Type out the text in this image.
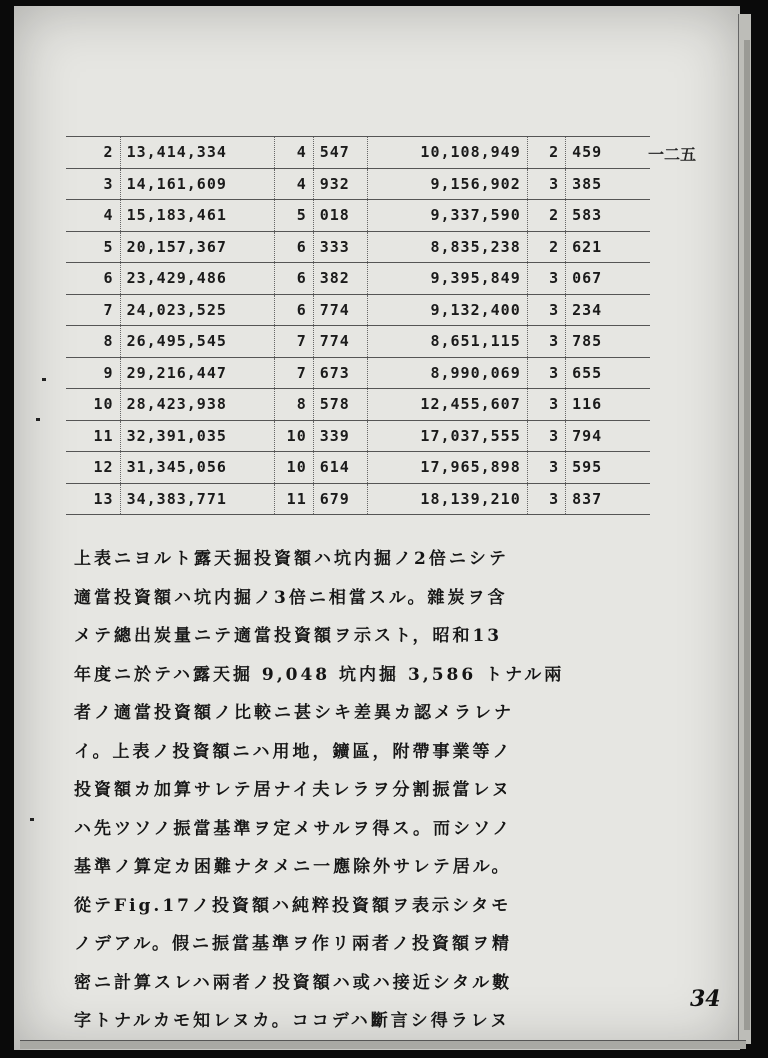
2	13,414,334	4	547	10,108,949	2	459
3	14,161,609	4	932	9,156,902	3	385
4	15,183,461	5	018	9,337,590	2	583
5	20,157,367	6	333	8,835,238	2	621
6	23,429,486	6	382	9,395,849	3	067
7	24,023,525	6	774	9,132,400	3	234
8	26,495,545	7	774	8,651,115	3	785
9	29,216,447	7	673	8,990,069	3	655
10	28,423,938	8	578	12,455,607	3	116
11	32,391,035	10	339	17,037,555	3	794
12	31,345,056	10	614	17,965,898	3	595
13	34,383,771	11	679	18,139,210	3	837
一二五

上表ニヨルト露天掘投資額ハ坑内掘ノ2倍ニシテ

適當投資額ハ坑内掘ノ3倍ニ相當スル。雜炭ヲ含

メテ總出炭量ニテ適當投資額ヲ示スト，昭和13

年度ニ於テハ露天掘 9,048 坑内掘 3,586 トナル兩

者ノ適當投資額ノ比較ニ甚シキ差異カ認メラレナ

イ。上表ノ投資額ニハ用地，鑛區，附帶事業等ノ

投資額カ加算サレテ居ナイ夫レラヲ分割振當レヌ

ハ先ツソノ振當基準ヲ定メサルヲ得ス。而シソノ

基準ノ算定カ困難ナタメニ一應除外サレテ居ル。

從テFig.17ノ投資額ハ純粹投資額ヲ表示シタモ

ノデアル。假ニ振當基準ヲ作リ兩者ノ投資額ヲ精

密ニ計算スレハ兩者ノ投資額ハ或ハ接近シタル數

字トナルカモ知レヌカ。ココデハ斷言シ得ラレヌ

34
